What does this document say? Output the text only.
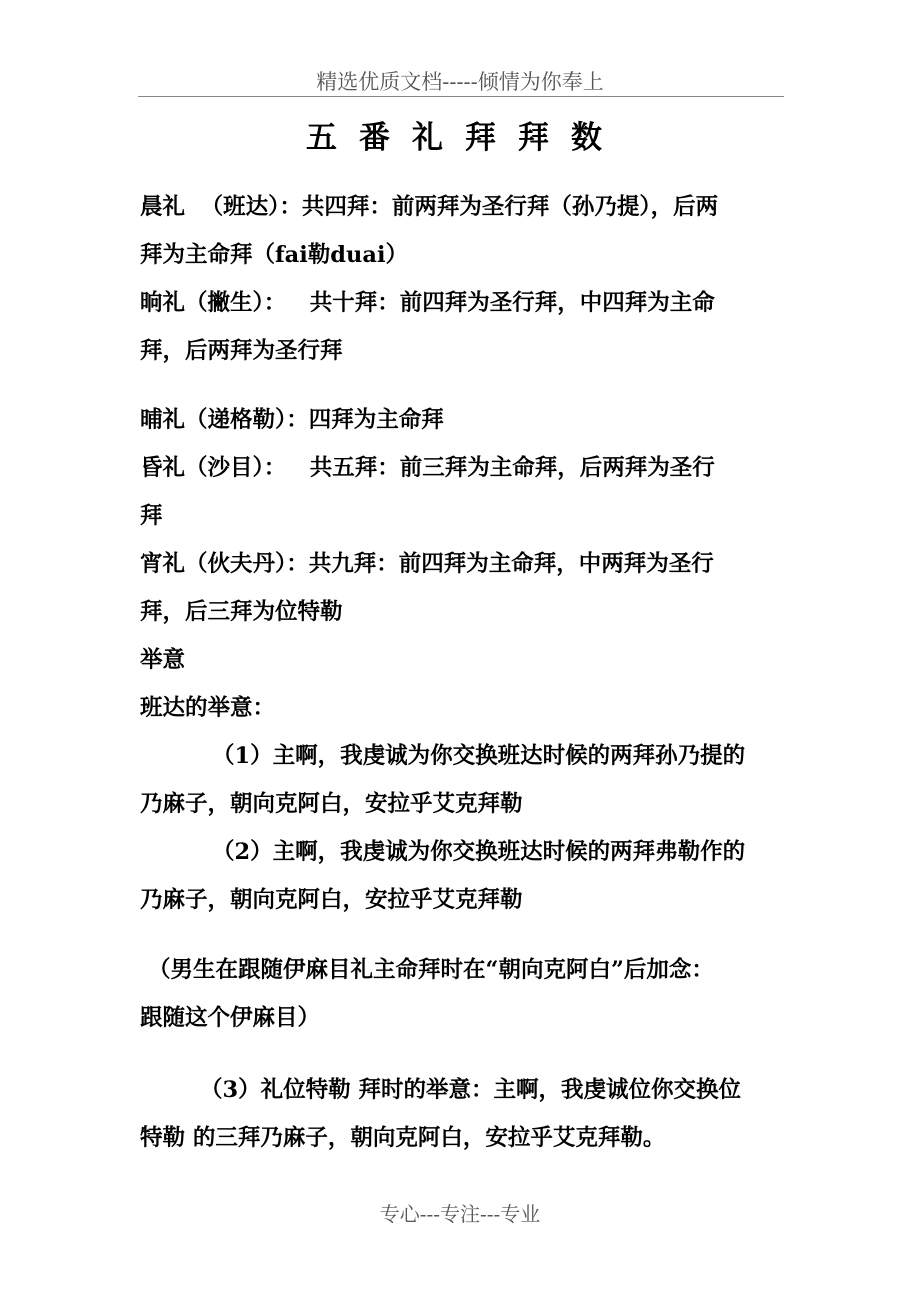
精选优质文档-----倾情为你奉上
五番礼拜拜数
晨礼  （班达）：共四拜：前两拜为圣行拜（孙乃提），后两
拜为主命拜（fai勒duai）
晌礼（撇生）：   共十拜：前四拜为圣行拜，中四拜为主命
拜，后两拜为圣行拜
晡礼（递格勒）：四拜为主命拜
昏礼（沙目）：   共五拜：前三拜为主命拜，后两拜为圣行
拜
宵礼（伙夫丹）：共九拜：前四拜为主命拜，中两拜为圣行
拜，后三拜为位特勒
举意
班达的举意：
（1）主啊，我虔诚为你交换班达时候的两拜孙乃提的
乃麻子，朝向克阿白，安拉乎艾克拜勒
（2）主啊，我虔诚为你交换班达时候的两拜弗勒作的
乃麻子，朝向克阿白，安拉乎艾克拜勒
（男生在跟随伊麻目礼主命拜时在“朝向克阿白”后加念：
跟随这个伊麻目）
（3）礼位特勒 拜时的举意：主啊，我虔诚位你交换位
特勒 的三拜乃麻子，朝向克阿白，安拉乎艾克拜勒。
专心---专注---专业
